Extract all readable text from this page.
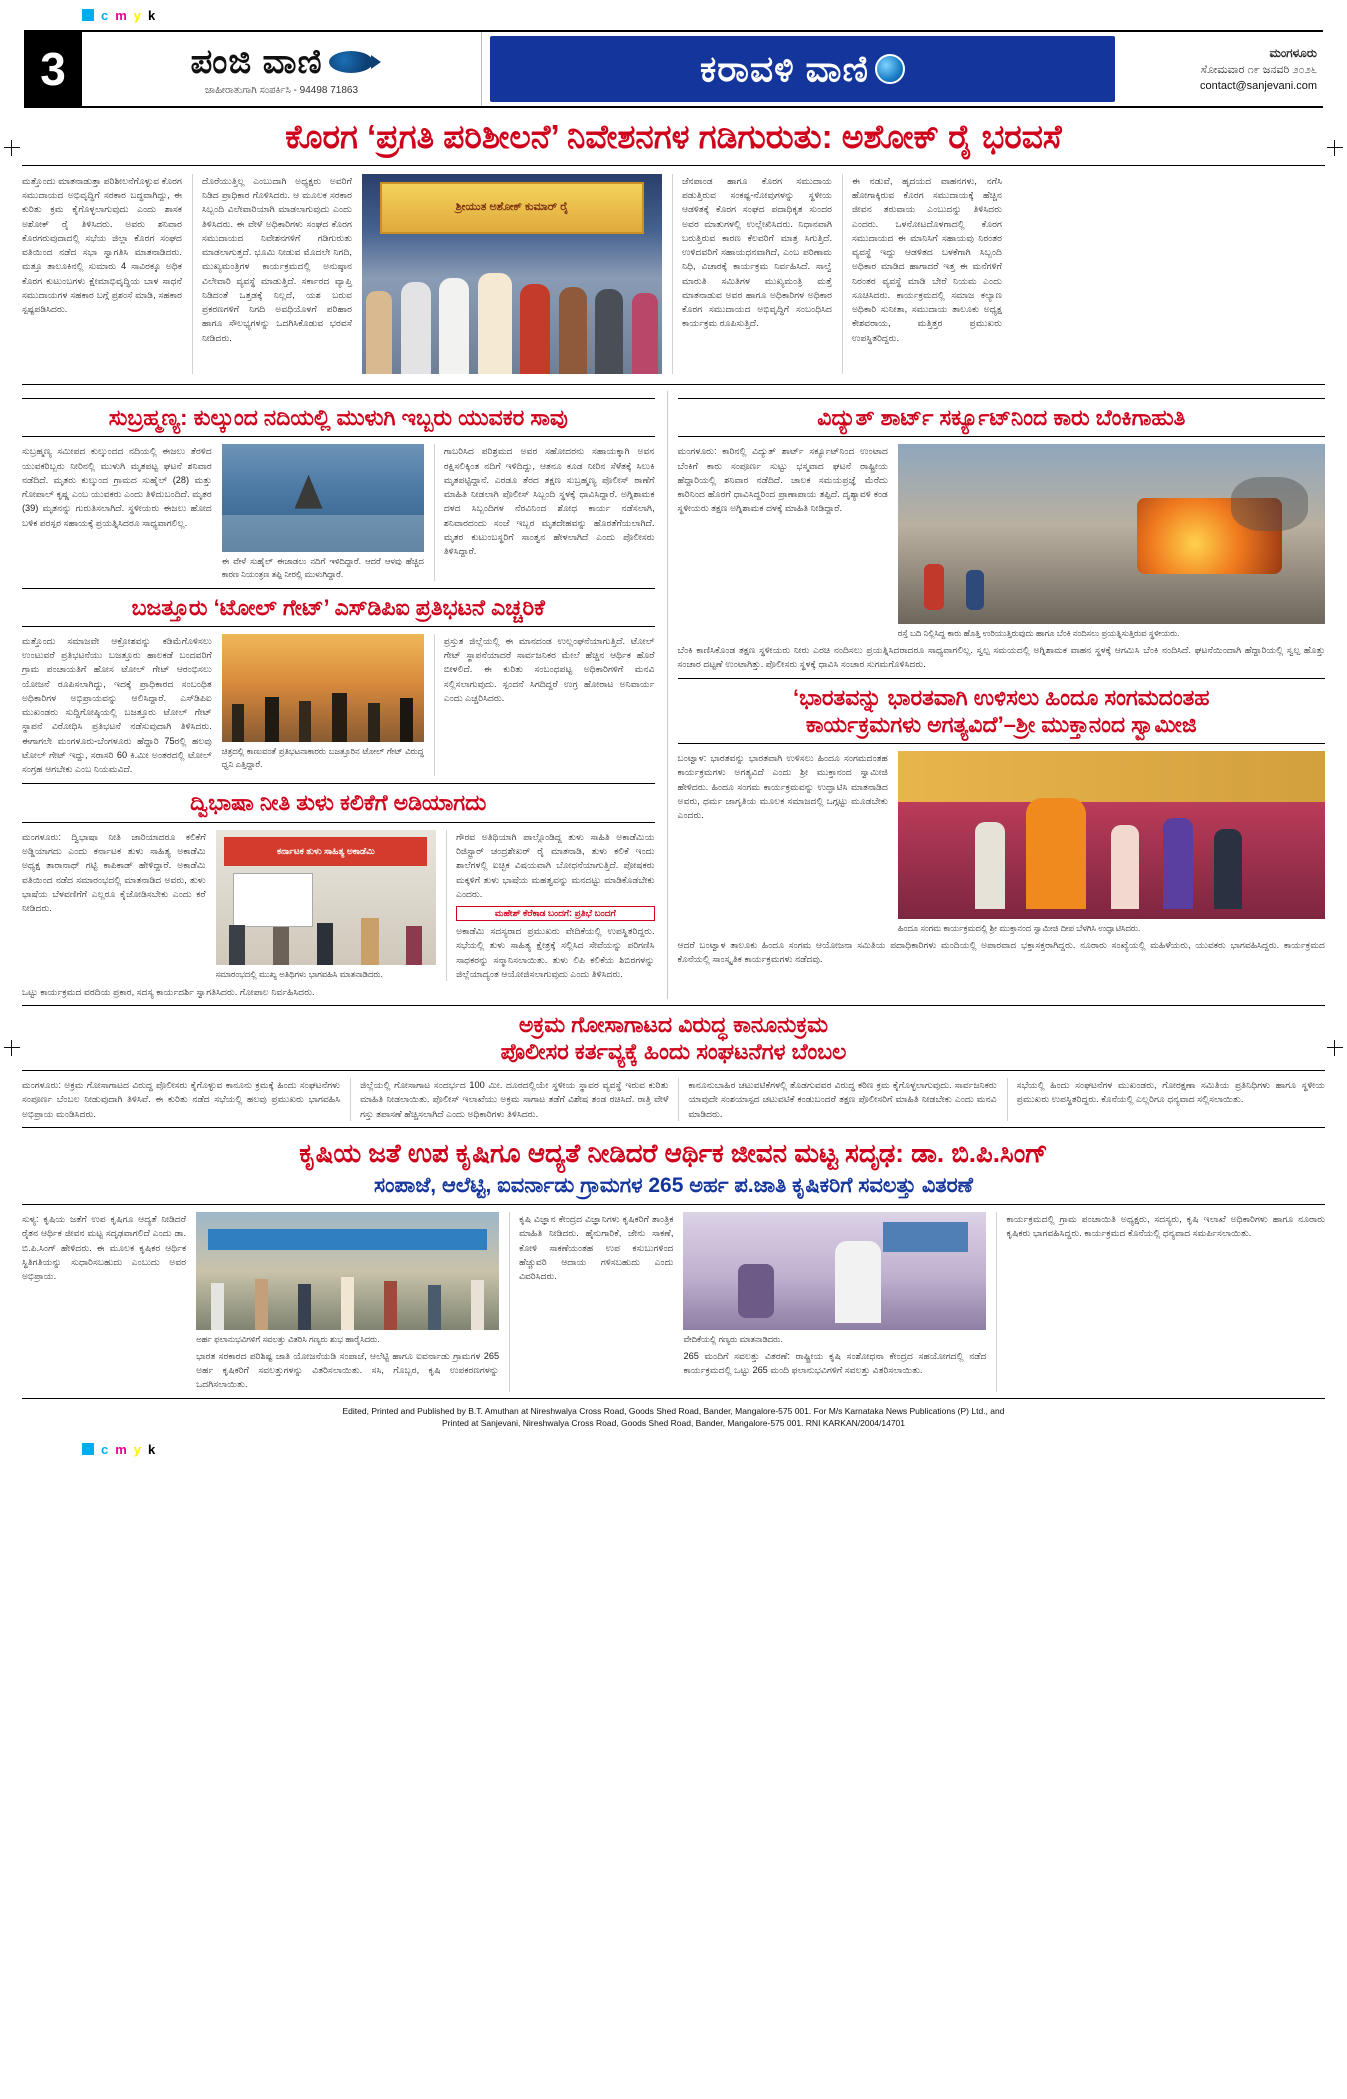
c m y k
3	ಪಂಜಿ ವಾಣಿ
ಜಾಹೀರಾತುಗಾಗಿ ಸಂಪರ್ಕಿಸಿ - 94498 71863
ಕರಾವಳಿ ವಾಣಿ	ಮಂಗಳೂರು
ಸೋಮವಾರ ೧೯ ಜನವರಿ ೨೦೨೬
contact@sanjevani.com
ಕೊರಗ ‘ಪ್ರಗತಿ ಪರಿಶೀಲನೆ’ ನಿವೇಶನಗಳ ಗಡಿಗುರುತು: ಅಶೋಕ್ ರೈ ಭರವಸೆ
ಮತ್ತೊಂದು ಮಾತನಾಡುತ್ತಾ ಪರಿಶೀಲನೆಗೊಳ್ಳುವ ಕೊರಗ ಸಮುದಾಯದ ಅಭಿವೃದ್ಧಿಗೆ ಸರಕಾರ ಬದ್ಧವಾಗಿದ್ದು, ಈ ಕುರಿತು ಕ್ರಮ ಕೈಗೊಳ್ಳಲಾಗುವುದು ಎಂದು ಶಾಸಕ ಅಶೋಕ್ ರೈ ತಿಳಿಸಿದರು. ಅವರು ಶನಿವಾರ ಕೊರಗರುವುದಾದಲ್ಲಿ ಸಭೆಯ ಜಿಲ್ಲಾ ಕೊರಗ ಸಂಘದ ವತಿಯಿಂದ ನಡೆದ ಸಭಾ ಸ್ವಾಗತಿಸಿ ಮಾತನಾಡಿದರು. ಮತ್ತೂ ತಾಲೂಕಿನಲ್ಲಿ ಸುಮಾರು 4 ಸಾವಿರಕ್ಕೂ ಅಧಿಕ ಕೊರಗ ಕುಟುಂಬಗಳು ಕ್ಷೇಮಾಭಿವೃದ್ಧಿಯ ಬಾಳ ಸಾಧನೆ ಸಮುದಾಯಗಳ ಸಹಕಾರ ಬಗ್ಗೆ ಪ್ರಶಂಸೆ ಮಾಡಿ, ಸಹಕಾರ ಸ್ಪಷ್ಟಪಡಿಸಿದರು.
ದೊರೆಯುತ್ತಿಲ್ಲ ಎಂಬುದಾಗಿ ಅಧ್ಯಕ್ಷರು ಅವರಿಗೆ ನಿಡಿದ ಪ್ರಾಧಿಕಾರ ಗೊಳಿಸಿದರು. ಆ ಮೂಲಕ ಸರಕಾರ ಸಿಬ್ಬಂದಿ ವಿಲೇವಾರಿಯಾಗಿ ಮಾಡಲಾಗುವುದು ಎಂದು ತಿಳಿಸಿದರು. ಈ ವೇಳೆ ಅಧಿಕಾರಿಗಳು ಸಂಘದ ಕೊರಗ ಸಮುದಾಯದ ನಿವೇಶನಗಳಿಗೆ ಗಡಿಗುರುತು ಮಾಡಲಾಗುತ್ತದೆ. ಭೂಮಿ ನೀಡುವ ಮೊದಲೇ ನಿಗದಿ, ಮುಖ್ಯಮಂತ್ರಿಗಳ ಕಾರ್ಯಕ್ರಮದಲ್ಲಿ ಅನುಷ್ಠಾನ ವಿಲೇವಾರಿ ವ್ಯವಸ್ಥೆ ಮಾಡುತ್ತಿದೆ. ಸರ್ಕಾರದ ವ್ಯಾಪ್ತಿ ನಿಡಿದಂತೆ ಒತ್ತಡಕ್ಕೆ ನಿಲ್ಲದೆ, ಯಶ ಬರುವ ಪ್ರಕರಣಗಳಿಗೆ ನಿಗದಿ ಅವಧಿಯೊಳಗೆ ಪರಿಹಾರ ಹಾಗೂ ಸೌಲಭ್ಯಗಳನ್ನು ಒದಗಿಸಿಕೊಡುವ ಭರವಸೆ ನೀಡಿದರು.
ಶ್ರೀಯುತ ಅಶೋಕ್ ಕುಮಾರ್ ರೈ
ಜೆನಪಾಂಡ ಹಾಗೂ ಕೊರಗ ಸಮುದಾಯ ಪಡುತ್ತಿರುವ ಸಂಕಷ್ಟ-ನೋವುಗಳನ್ನು ಸ್ಥಳೀಯ ಆಡಳಿತಕ್ಕೆ ಕೊರಗ ಸಂಘದ ಪದಾಧಿಕೃತ ಸುಂದರ ಅವರ ಮಾತುಗಳಲ್ಲಿ ಉಲ್ಲೇಖಿಸಿದರು. ನಿಧಾನವಾಗಿ ಬರುತ್ತಿರುವ ಕಾರಣ ಕೆಲವರಿಗೆ ಮಾತ್ರ ಸಿಗುತ್ತಿದೆ. ಉಳಿದವರಿಗೆ ಸಹಾಯಧನವಾಗಿದೆ, ಎಂಬ ಪರಿಣಾಮ ನಿಧಿ, ವಿಚಾರಕ್ಕೆ ಕಾರ್ಯಕ್ರಮ ನಿರ್ವಹಿಸಿದೆ. ಸಾಲ್ವೆ ಮಾರುತಿ ಸಮಿತಿಗಳ ಮುಖ್ಯಮಂತ್ರಿ ಮತ್ತೆ ಮಾತನಾಡುವ ಅವರ ಹಾಗೂ ಅಧಿಕಾರಿಗಳ ಅಧಿಕಾರ ಕೊರಗ ಸಮುದಾಯದ ಅಭಿವೃದ್ಧಿಗೆ ಸಂಬಂಧಿಸಿದ ಕಾರ್ಯಕ್ರಮ ರೂಪಿಸುತ್ತಿದೆ.
ಈ ನಡುವೆ, ಹೃದಯದ ವಾಹನಗಳು, ನಗೆಸಿ ಹೋಗಾಕ್ಕಿರುವ ಕೊರಗ ಸಮುದಾಯಕ್ಕೆ ಹೆಚ್ಚಿನ ಜೀವನ ತರುವಾಯ ಎಂಬುದನ್ನು ತಿಳಿಸಿದರು ಎಂದರು. ಒಳನೋಟದೊಳಗಾದಲ್ಲಿ ಕೊರಗ ಸಮುದಾಯದ ಈ ಮಾನಿಸಿಗೆ ಸಹಾಯವು ನಿರಂತರ ವ್ಯವಸ್ಥೆ ಇದ್ದು ಆಡಳಿತದ ಬಳಕೆಗಾಗಿ ಸಿಬ್ಬಂದಿ ಅಧಿಕಾರ ಮಾಡಿದ ಹಾಗಾದರೆ ಇತ್ತ ಈ ಮನೆಗಳಿಗೆ ನಿರಂತರ ವ್ಯವಸ್ಥೆ ಮಾಡಿ ಬೇರೆ ನಿಯಮ ಎಂದು ಸೂಚಿಸಿದರು. ಕಾರ್ಯಕ್ರಮದಲ್ಲಿ ಸಮಾಜ ಕಲ್ಯಾಣ ಅಧಿಕಾರಿ ಸುನೀತಾ, ಸಮುದಾಯ ತಾಲೂಕು ಅಧ್ಯಕ್ಷ ಕೇಶವರಾಯ, ಮತ್ತಿತ್ತರ ಪ್ರಮುಖರು ಉಪಸ್ಥಿತರಿದ್ದರು.
ಸುಬ್ರಹ್ಮಣ್ಯ: ಕುಲ್ಕುಂದ ನದಿಯಲ್ಲಿ ಮುಳುಗಿ ಇಬ್ಬರು ಯುವಕರ ಸಾವು
ಸುಬ್ರಹ್ಮಣ್ಯ ಸಮೀಪದ ಕುಲ್ಕುಂದದ ನದಿಯಲ್ಲಿ ಈಜಲು ತೆರಳಿದ ಯುವಕರಿಬ್ಬರು ನೀರಿನಲ್ಲಿ ಮುಳುಗಿ ಮೃತಪಟ್ಟ ಘಟನೆ ಶನಿವಾರ ನಡೆದಿದೆ. ಮೃತರು ಕುಲ್ಕುಂದ ಗ್ರಾಮದ ಸುಹೈಲ್ (28) ಮತ್ತು ಗೋಪಾಲ್ ಕೃಷ್ಣ ಎಂಬ ಯುವಕರು ಎಂದು ತಿಳಿದುಬಂದಿದೆ. ಮೃತರ (39) ಮೃತನನ್ನು ಗುರುತಿಸಲಾಗಿದೆ. ಸ್ಥಳೀಯರು ಈಜಲು ಹೋದ ಬಳಿಕ ಪರಸ್ಪರ ಸಹಾಯಕ್ಕೆ ಪ್ರಯತ್ನಿಸಿದರೂ ಸಾಧ್ಯವಾಗಲಿಲ್ಲ.
ಈ ವೇಳೆ ಸುಹೈಲ್ ಈಜಾಡಲು ನದಿಗೆ ಇಳಿದಿದ್ದಾರೆ. ಆದರೆ ಆಳವು ಹೆಚ್ಚಿದ ಕಾರಣ ನಿಯಂತ್ರಣ ತಪ್ಪಿ ನೀರಲ್ಲಿ ಮುಳುಗಿದ್ದಾರೆ.
ಗಾಬರಿಸಿದ ಪರಿಶ್ರಮದ ಅವರ ಸಹೋದರನು ಸಹಾಯಕ್ಕಾಗಿ ಅವನ ರಕ್ಷಿಸಲಿಕ್ಕಿಂತ ನದಿಗೆ ಇಳಿದಿದ್ದು, ಆತನೂ ಕೂಡ ನೀರಿನ ಸೆಳೆತಕ್ಕೆ ಸಿಲುಕಿ ಮೃತಪಟ್ಟಿದ್ದಾನೆ. ಎರಡೂ ತೆರದ ತಕ್ಷಣ ಸುಬ್ರಹ್ಮಣ್ಯ ಪೊಲೀಸ್ ಠಾಣೆಗೆ ಮಾಹಿತಿ ನೀಡಲಾಗಿ ಪೊಲೀಸ್ ಸಿಬ್ಬಂದಿ ಸ್ಥಳಕ್ಕೆ ಧಾವಿಸಿದ್ದಾರೆ. ಅಗ್ನಿಶಾಮಕ ದಳದ ಸಿಬ್ಬಂದಿಗಳ ನೆರವಿನಿಂದ ಶೋಧ ಕಾರ್ಯ ನಡೆಸಲಾಗಿ, ಶನಿವಾರದಂದು ಸಂಜೆ ಇಬ್ಬರ ಮೃತದೇಹವನ್ನು ಹೊರತೆಗೆಯಲಾಗಿದೆ. ಮೃತರ ಕುಟುಂಬಸ್ಥರಿಗೆ ಸಾಂತ್ವನ ಹೇಳಲಾಗಿದೆ ಎಂದು ಪೊಲೀಸರು ತಿಳಿಸಿದ್ದಾರೆ.
ಬಜತ್ತೂರು ‘ಟೋಲ್ ಗೇಟ್’ ಎಸ್‌ಡಿಪಿಐ ಪ್ರತಿಭಟನೆ ಎಚ್ಚರಿಕೆ
ಮತ್ತೊಂದು ಸಮಾಜವೇ ಆಕ್ರೋಶವನ್ನು ಕಡಿಮೆಗೊಳಿಸಲು ಉಂಟುವರೆ ಪ್ರತಿಭಟನೆಯು ಬಜತ್ತೂರು ಹಾಲಕಡೆ ಬಂದವರಿಗೆ ಗ್ರಾಮ ಪಂಚಾಯತಿಗೆ ಹೋಸ ಟೋಲ್ ಗೇಟ್ ಆರಂಭಿಸಲು ಯೋಜನೆ ರೂಪಿಸಲಾಗಿದ್ದು, ಇದಕ್ಕೆ ಪ್ರಾಧಿಕಾರದ ಸಂಬಂಧಿತ ಅಧಿಕಾರಿಗಳ ಅಭಿಪ್ರಾಯವನ್ನು ಆಲಿಸಿದ್ದಾರೆ. ಎಸ್‌ಡಿಪಿಐ ಮುಖಂಡರು ಸುದ್ದಿಗೋಷ್ಠಿಯಲ್ಲಿ ಬಜತ್ತೂರು ಟೋಲ್ ಗೇಟ್ ಸ್ಥಾಪನೆ ವಿರೋಧಿಸಿ ಪ್ರತಿಭಟನೆ ನಡೆಸುವುದಾಗಿ ತಿಳಿಸಿದರು. ಈಗಾಗಲೇ ಮಂಗಳೂರು-ಬೆಂಗಳೂರು ಹೆದ್ದಾರಿ 75ರಲ್ಲಿ ಹಲವು ಟೋಲ್ ಗೇಟ್ ಇದ್ದು, ಸರಾಸರಿ 60 ಕಿ.ಮೀ ಅಂತರದಲ್ಲಿ ಟೋಲ್ ಸಂಗ್ರಹ ಆಗಬೇಕು ಎಂಬ ನಿಯಮವಿದೆ.
ಚಿತ್ರದಲ್ಲಿ ಕಾಣುವಂತೆ ಪ್ರತಿಭಟನಾಕಾರರು ಬಜತ್ತೂರಿನ ಟೋಲ್ ಗೇಟ್ ವಿರುದ್ಧ ಧ್ವನಿ ಎತ್ತಿದ್ದಾರೆ.
ಪ್ರಸ್ತುತ ಜಿಲ್ಲೆಯಲ್ಲಿ ಈ ಮಾನದಂಡ ಉಲ್ಲಂಘನೆಯಾಗುತ್ತಿದೆ. ಟೋಲ್ ಗೇಟ್ ಸ್ಥಾಪನೆಯಾದರೆ ಸಾರ್ವಜನಿಕರ ಮೇಲೆ ಹೆಚ್ಚಿನ ಆರ್ಥಿಕ ಹೊರೆ ಬೀಳಲಿದೆ. ಈ ಕುರಿತು ಸಂಬಂಧಪಟ್ಟ ಅಧಿಕಾರಿಗಳಿಗೆ ಮನವಿ ಸಲ್ಲಿಸಲಾಗುವುದು. ಸ್ಪಂದನೆ ಸಿಗದಿದ್ದರೆ ಉಗ್ರ ಹೋರಾಟ ಅನಿವಾರ್ಯ ಎಂದು ಎಚ್ಚರಿಸಿದರು.
ದ್ವಿಭಾಷಾ ನೀತಿ ತುಳು ಕಲಿಕೆಗೆ ಅಡಿಯಾಗದು
ಮಂಗಳೂರು: ದ್ವಿಭಾಷಾ ನೀತಿ ಜಾರಿಯಾದರೂ ಕಲಿಕೆಗೆ ಅಡ್ಡಿಯಾಗದು ಎಂದು ಕರ್ನಾಟಕ ತುಳು ಸಾಹಿತ್ಯ ಅಕಾಡೆಮಿ ಅಧ್ಯಕ್ಷ ತಾರಾನಾಥ್ ಗಟ್ಟಿ ಕಾಪಿಕಾಡ್ ಹೇಳಿದ್ದಾರೆ. ಅಕಾಡೆಮಿ ವತಿಯಿಂದ ನಡೆದ ಸಮಾರಂಭದಲ್ಲಿ ಮಾತನಾಡಿದ ಅವರು, ತುಳು ಭಾಷೆಯ ಬೆಳವಣಿಗೆಗೆ ಎಲ್ಲರೂ ಕೈಜೋಡಿಸಬೇಕು ಎಂದು ಕರೆ ನೀಡಿದರು.
ಕರ್ನಾಟಕ ತುಳು ಸಾಹಿತ್ಯ ಅಕಾಡೆಮಿ
ಸಮಾರಂಭದಲ್ಲಿ ಮುಖ್ಯ ಅತಿಥಿಗಳು ಭಾಗವಹಿಸಿ ಮಾತನಾಡಿದರು.
ಗೌರವ ಅತಿಥಿಯಾಗಿ ಪಾಲ್ಗೊಂಡಿದ್ದ ತುಳು ಸಾಹಿತಿ ಅಕಾಡೆಮಿಯ ರಿಜಿಸ್ಟ್ರಾರ್ ಚಂದ್ರಶೇಖರ್ ರೈ ಮಾತನಾಡಿ, ತುಳು ಕಲಿಕೆ ಇಂದು ಶಾಲೆಗಳಲ್ಲಿ ಐಚ್ಛಿಕ ವಿಷಯವಾಗಿ ಬೋಧನೆಯಾಗುತ್ತಿದೆ. ಪೋಷಕರು ಮಕ್ಕಳಿಗೆ ತುಳು ಭಾಷೆಯ ಮಹತ್ವವನ್ನು ಮನದಟ್ಟು ಮಾಡಿಕೊಡಬೇಕು ಎಂದರು.
ಮಹೇಶ್ ಕೆರೆಕಾಡ ಬಂದಗೆ: ಪ್ರತಿಭೆ ಬಂದಗೆ
ಅಕಾಡೆಮಿ ಸದಸ್ಯರಾದ ಪ್ರಮುಖರು ವೇದಿಕೆಯಲ್ಲಿ ಉಪಸ್ಥಿತರಿದ್ದರು. ಸಭೆಯಲ್ಲಿ ತುಳು ಸಾಹಿತ್ಯ ಕ್ಷೇತ್ರಕ್ಕೆ ಸಲ್ಲಿಸಿದ ಸೇವೆಯನ್ನು ಪರಿಗಣಿಸಿ ಸಾಧಕರನ್ನು ಸನ್ಮಾನಿಸಲಾಯಿತು. ತುಳು ಲಿಪಿ ಕಲಿಕೆಯ ಶಿಬಿರಗಳನ್ನು ಜಿಲ್ಲೆಯಾದ್ಯಂತ ಆಯೋಜಿಸಲಾಗುವುದು ಎಂದು ತಿಳಿಸಿದರು.
ಒಟ್ಟು ಕಾರ್ಯಕ್ರಮದ ವರದಿಯ ಪ್ರಕಾರ, ಸದಸ್ಯ ಕಾರ್ಯದರ್ಶಿ ಸ್ವಾಗತಿಸಿದರು. ಗೋಪಾಲ ನಿರ್ವಹಿಸಿದರು.
ವಿದ್ಯುತ್ ಶಾರ್ಟ್ ಸರ್ಕ್ಯೂಟ್‌ನಿಂದ ಕಾರು ಬೆಂಕಿಗಾಹುತಿ
ಮಂಗಳೂರು: ಕಾರಿನಲ್ಲಿ ವಿದ್ಯುತ್ ಶಾರ್ಟ್ ಸರ್ಕ್ಯೂಟ್‌ನಿಂದ ಉಂಟಾದ ಬೆಂಕಿಗೆ ಕಾರು ಸಂಪೂರ್ಣ ಸುಟ್ಟು ಭಸ್ಮವಾದ ಘಟನೆ ರಾಷ್ಟ್ರೀಯ ಹೆದ್ದಾರಿಯಲ್ಲಿ ಶನಿವಾರ ನಡೆದಿದೆ. ಚಾಲಕ ಸಮಯಪ್ರಜ್ಞೆ ಮೆರೆದು ಕಾರಿನಿಂದ ಹೊರಗೆ ಧಾವಿಸಿದ್ದರಿಂದ ಪ್ರಾಣಾಪಾಯ ತಪ್ಪಿದೆ. ದೃಶ್ಯಾವಳಿ ಕಂಡ ಸ್ಥಳೀಯರು ತಕ್ಷಣ ಅಗ್ನಿಶಾಮಕ ದಳಕ್ಕೆ ಮಾಹಿತಿ ನೀಡಿದ್ದಾರೆ.
ರಸ್ತೆ ಬದಿ ನಿಲ್ಲಿಸಿದ್ದ ಕಾರು ಹೊತ್ತಿ ಉರಿಯುತ್ತಿರುವುದು ಹಾಗೂ ಬೆಂಕಿ ನಂದಿಸಲು ಪ್ರಯತ್ನಿಸುತ್ತಿರುವ ಸ್ಥಳೀಯರು.
ಬೆಂಕಿ ಕಾಣಿಸಿಕೊಂಡ ತಕ್ಷಣ ಸ್ಥಳೀಯರು ನೀರು ಎರಚಿ ನಂದಿಸಲು ಪ್ರಯತ್ನಿಸಿದರಾದರೂ ಸಾಧ್ಯವಾಗಲಿಲ್ಲ. ಸ್ವಲ್ಪ ಸಮಯದಲ್ಲಿ ಅಗ್ನಿಶಾಮಕ ವಾಹನ ಸ್ಥಳಕ್ಕೆ ಆಗಮಿಸಿ ಬೆಂಕಿ ನಂದಿಸಿದೆ. ಘಟನೆಯಿಂದಾಗಿ ಹೆದ್ದಾರಿಯಲ್ಲಿ ಸ್ವಲ್ಪ ಹೊತ್ತು ಸಂಚಾರ ದಟ್ಟಣೆ ಉಂಟಾಗಿತ್ತು. ಪೊಲೀಸರು ಸ್ಥಳಕ್ಕೆ ಧಾವಿಸಿ ಸಂಚಾರ ಸುಗಮಗೊಳಿಸಿದರು.
‘ಭಾರತವನ್ನು ಭಾರತವಾಗಿ ಉಳಿಸಲು ಹಿಂದೂ ಸಂಗಮದಂತಹ
ಕಾರ್ಯಕ್ರಮಗಳು ಅಗತ್ಯವಿದೆ’–ಶ್ರೀ ಮುಕ್ತಾನಂದ ಸ್ವಾಮೀಜಿ
ಬಂಟ್ವಾಳ: ಭಾರತವನ್ನು ಭಾರತವಾಗಿ ಉಳಿಸಲು ಹಿಂದೂ ಸಂಗಮದಂತಹ ಕಾರ್ಯಕ್ರಮಗಳು ಅಗತ್ಯವಿದೆ ಎಂದು ಶ್ರೀ ಮುಕ್ತಾನಂದ ಸ್ವಾಮೀಜಿ ಹೇಳಿದರು. ಹಿಂದೂ ಸಂಗಮ ಕಾರ್ಯಕ್ರಮವನ್ನು ಉದ್ಘಾಟಿಸಿ ಮಾತನಾಡಿದ ಅವರು, ಧರ್ಮ ಜಾಗೃತಿಯ ಮೂಲಕ ಸಮಾಜದಲ್ಲಿ ಒಗ್ಗಟ್ಟು ಮೂಡಬೇಕು ಎಂದರು.
ಹಿಂದೂ ಸಂಗಮ ಕಾರ್ಯಕ್ರಮದಲ್ಲಿ ಶ್ರೀ ಮುಕ್ತಾನಂದ ಸ್ವಾಮೀಜಿ ದೀಪ ಬೆಳಗಿಸಿ ಉದ್ಘಾಟಿಸಿದರು.
ಆದರೆ ಬಂಟ್ವಾಳ ತಾಲೂಕು ಹಿಂದೂ ಸಂಗಮ ಆಯೋಜನಾ ಸಮಿತಿಯ ಪದಾಧಿಕಾರಿಗಳು ಮಂದಿಯಲ್ಲಿ ಅಪಾರವಾದ ಭಕ್ತಾಸಕ್ತರಾಗಿದ್ದರು. ನೂರಾರು ಸಂಖ್ಯೆಯಲ್ಲಿ ಮಹಿಳೆಯರು, ಯುವಕರು ಭಾಗವಹಿಸಿದ್ದರು. ಕಾರ್ಯಕ್ರಮದ ಕೊನೆಯಲ್ಲಿ ಸಾಂಸ್ಕೃತಿಕ ಕಾರ್ಯಕ್ರಮಗಳು ನಡೆದವು.
ಅಕ್ರಮ ಗೋಸಾಗಾಟದ ವಿರುದ್ಧ ಕಾನೂನುಕ್ರಮ
ಪೊಲೀಸರ ಕರ್ತವ್ಯಕ್ಕೆ ಹಿಂದು ಸಂಘಟನೆಗಳ ಬೆಂಬಲ
ಮಂಗಳೂರು: ಅಕ್ರಮ ಗೋಸಾಗಾಟದ ವಿರುದ್ಧ ಪೊಲೀಸರು ಕೈಗೊಳ್ಳುವ ಕಾನೂನು ಕ್ರಮಕ್ಕೆ ಹಿಂದು ಸಂಘಟನೆಗಳು ಸಂಪೂರ್ಣ ಬೆಂಬಲ ನೀಡುವುದಾಗಿ ತಿಳಿಸಿವೆ. ಈ ಕುರಿತು ನಡೆದ ಸಭೆಯಲ್ಲಿ ಹಲವು ಪ್ರಮುಖರು ಭಾಗವಹಿಸಿ ಅಭಿಪ್ರಾಯ ಮಂಡಿಸಿದರು.
ಜಿಲ್ಲೆಯಲ್ಲಿ ಗೋಸಾಗಾಟ ಸಂದರ್ಭದ 100 ಮೀ. ದೂರದಲ್ಲಿಯೇ ಸ್ಥಳೀಯ ಸ್ಥಾವರ ವ್ಯವಸ್ಥೆ ಇರುವ ಕುರಿತು ಮಾಹಿತಿ ನೀಡಲಾಯಿತು. ಪೊಲೀಸ್ ಇಲಾಖೆಯು ಅಕ್ರಮ ಸಾಗಾಟ ತಡೆಗೆ ವಿಶೇಷ ತಂಡ ರಚಿಸಿದೆ. ರಾತ್ರಿ ವೇಳೆ ಗಸ್ತು ತಪಾಸಣೆ ಹೆಚ್ಚಿಸಲಾಗಿದೆ ಎಂದು ಅಧಿಕಾರಿಗಳು ತಿಳಿಸಿದರು.
ಕಾನೂನುಬಾಹಿರ ಚಟುವಟಿಕೆಗಳಲ್ಲಿ ತೊಡಗುವವರ ವಿರುದ್ಧ ಕಠಿಣ ಕ್ರಮ ಕೈಗೊಳ್ಳಲಾಗುವುದು. ಸಾರ್ವಜನಿಕರು ಯಾವುದೇ ಸಂಶಯಾಸ್ಪದ ಚಟುವಟಿಕೆ ಕಂಡುಬಂದರೆ ತಕ್ಷಣ ಪೊಲೀಸರಿಗೆ ಮಾಹಿತಿ ನೀಡಬೇಕು ಎಂದು ಮನವಿ ಮಾಡಿದರು.
ಸಭೆಯಲ್ಲಿ ಹಿಂದು ಸಂಘಟನೆಗಳ ಮುಖಂಡರು, ಗೋರಕ್ಷಣಾ ಸಮಿತಿಯ ಪ್ರತಿನಿಧಿಗಳು ಹಾಗೂ ಸ್ಥಳೀಯ ಪ್ರಮುಖರು ಉಪಸ್ಥಿತರಿದ್ದರು. ಕೊನೆಯಲ್ಲಿ ಎಲ್ಲರಿಗೂ ಧನ್ಯವಾದ ಸಲ್ಲಿಸಲಾಯಿತು.
ಕೃಷಿಯ ಜತೆ ಉಪ ಕೃಷಿಗೂ ಆದ್ಯತೆ ನೀಡಿದರೆ ಆರ್ಥಿಕ ಜೀವನ ಮಟ್ಟ ಸದೃಢ: ಡಾ. ಬಿ.ಪಿ.ಸಿಂಗ್
ಸಂಪಾಜೆ, ಆಲೆಟ್ಟಿ, ಐವರ್ನಾಡು ಗ್ರಾಮಗಳ 265 ಅರ್ಹ ಪ.ಜಾತಿ ಕೃಷಿಕರಿಗೆ ಸವಲತ್ತು ವಿತರಣೆ
ಸುಳ್ಯ: ಕೃಷಿಯ ಜತೆಗೆ ಉಪ ಕೃಷಿಗೂ ಆದ್ಯತೆ ನೀಡಿದರೆ ರೈತನ ಆರ್ಥಿಕ ಜೀವನ ಮಟ್ಟ ಸದೃಢವಾಗಲಿದೆ ಎಂದು ಡಾ. ಬಿ.ಪಿ.ಸಿಂಗ್ ಹೇಳಿದರು. ಈ ಮೂಲಕ ಕೃಷಿಕರ ಆರ್ಥಿಕ ಸ್ಥಿತಿಗತಿಯನ್ನು ಸುಧಾರಿಸಬಹುದು ಎಂಬುದು ಅವರ ಅಭಿಪ್ರಾಯ.
ಅರ್ಹ ಫಲಾನುಭವಿಗಳಿಗೆ ಸವಲತ್ತು ವಿತರಿಸಿ ಗಣ್ಯರು ಶುಭ ಹಾರೈಸಿದರು.
ಭಾರತ ಸರಕಾರದ ಪರಿಶಿಷ್ಟ ಜಾತಿ ಯೋಜನೆಯಡಿ ಸಂಪಾಜೆ, ಆಲೆಟ್ಟಿ ಹಾಗೂ ಐವರ್ನಾಡು ಗ್ರಾಮಗಳ 265 ಅರ್ಹ ಕೃಷಿಕರಿಗೆ ಸವಲತ್ತುಗಳನ್ನು ವಿತರಿಸಲಾಯಿತು. ಸಸಿ, ಗೊಬ್ಬರ, ಕೃಷಿ ಉಪಕರಣಗಳನ್ನು ಒದಗಿಸಲಾಯಿತು.
ಕೃಷಿ ವಿಜ್ಞಾನ ಕೇಂದ್ರದ ವಿಜ್ಞಾನಿಗಳು ಕೃಷಿಕರಿಗೆ ತಾಂತ್ರಿಕ ಮಾಹಿತಿ ನೀಡಿದರು. ಹೈನುಗಾರಿಕೆ, ಜೇನು ಸಾಕಣೆ, ಕೋಳಿ ಸಾಕಣೆಯಂತಹ ಉಪ ಕಸುಬುಗಳಿಂದ ಹೆಚ್ಚುವರಿ ಆದಾಯ ಗಳಿಸಬಹುದು ಎಂದು ವಿವರಿಸಿದರು.
ವೇದಿಕೆಯಲ್ಲಿ ಗಣ್ಯರು ಮಾತನಾಡಿದರು.
265 ಮಂದಿಗೆ ಸವಲತ್ತು ವಿತರಣೆ: ರಾಷ್ಟ್ರೀಯ ಕೃಷಿ ಸಂಶೋಧನಾ ಕೇಂದ್ರದ ಸಹಯೋಗದಲ್ಲಿ ನಡೆದ ಕಾರ್ಯಕ್ರಮದಲ್ಲಿ ಒಟ್ಟು 265 ಮಂದಿ ಫಲಾನುಭವಿಗಳಿಗೆ ಸವಲತ್ತು ವಿತರಿಸಲಾಯಿತು.
ಕಾರ್ಯಕ್ರಮದಲ್ಲಿ ಗ್ರಾಮ ಪಂಚಾಯಿತಿ ಅಧ್ಯಕ್ಷರು, ಸದಸ್ಯರು, ಕೃಷಿ ಇಲಾಖೆ ಅಧಿಕಾರಿಗಳು ಹಾಗೂ ನೂರಾರು ಕೃಷಿಕರು ಭಾಗವಹಿಸಿದ್ದರು. ಕಾರ್ಯಕ್ರಮದ ಕೊನೆಯಲ್ಲಿ ಧನ್ಯವಾದ ಸಮರ್ಪಿಸಲಾಯಿತು.
Edited, Printed and Published by B.T. Amuthan at Nireshwalya Cross Road, Goods Shed Road, Bander, Mangalore-575 001. For M/s Karnataka News Publications (P) Ltd., and
Printed at Sanjevani, Nireshwalya Cross Road, Goods Shed Road, Bander, Mangalore-575 001. RNI KARKAN/2004/14701
c m y k
